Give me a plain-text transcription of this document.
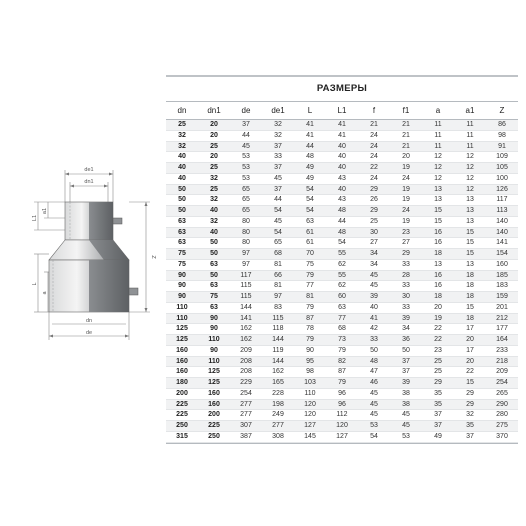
de1
dn1
L1
a1
L
a
dn
de
Z
РАЗМЕРЫ
dn	dn1	de	de1	L	L1	f	f1	a	a1	Z
25	20	37	32	41	41	21	21	11	11	86
32	20	44	32	41	41	24	21	11	11	98
32	25	45	37	44	40	24	21	11	11	91
40	20	53	33	48	40	24	20	12	12	109
40	25	53	37	49	40	22	19	12	12	105
40	32	53	45	49	43	24	24	12	12	100
50	25	65	37	54	40	29	19	13	12	126
50	32	65	44	54	43	26	19	13	13	117
50	40	65	54	54	48	29	24	15	13	113
63	32	80	45	63	44	25	19	15	13	140
63	40	80	54	61	48	30	23	16	15	140
63	50	80	65	61	54	27	27	16	15	141
75	50	97	68	70	55	34	29	18	15	154
75	63	97	81	75	62	34	33	13	13	160
90	50	117	66	79	55	45	28	16	18	185
90	63	115	81	77	62	45	33	16	18	183
90	75	115	97	81	60	39	30	18	18	159
110	63	144	83	79	63	40	33	20	15	201
110	90	141	115	87	77	41	39	19	18	212
125	90	162	118	78	68	42	34	22	17	177
125	110	162	144	79	73	33	36	22	20	164
160	90	209	119	90	79	50	50	23	17	233
160	110	208	144	95	82	48	37	25	20	218
160	125	208	162	98	87	47	37	25	22	209
180	125	229	165	103	79	46	39	29	15	254
200	160	254	228	110	96	45	38	35	29	265
225	160	277	198	120	96	45	38	35	29	290
225	200	277	249	120	112	45	45	37	32	280
250	225	307	277	127	120	53	45	37	35	275
315	250	387	308	145	127	54	53	49	37	370
